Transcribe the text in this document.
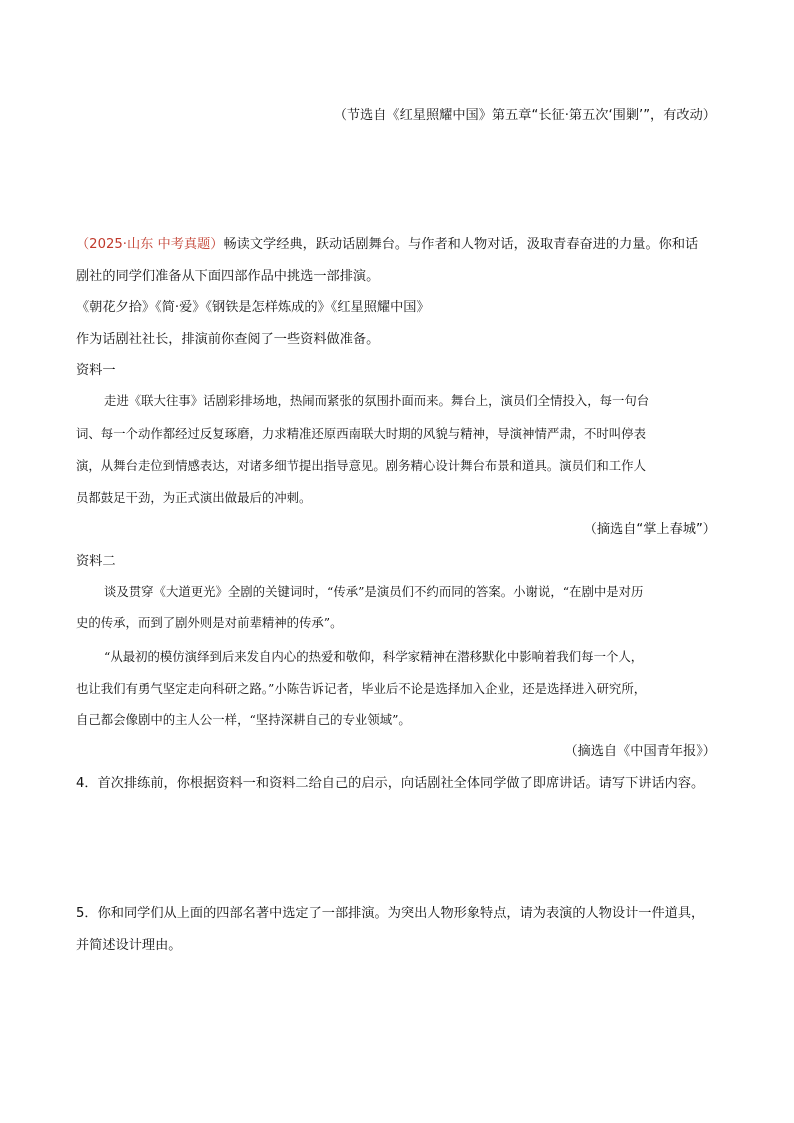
（节选自《红星照耀中国》第五章“长征·第五次‘围剿’”，有改动）
（2025·山东 中考真题）畅读文学经典，跃动话剧舞台。与作者和人物对话，汲取青春奋进的力量。你和话
剧社的同学们准备从下面四部作品中挑选一部排演。
《朝花夕拾》《简·爱》《钢铁是怎样炼成的》《红星照耀中国》
作为话剧社社长，排演前你查阅了一些资料做准备。
资料一
走进《联大往事》话剧彩排场地，热闹而紧张的氛围扑面而来。舞台上，演员们全情投入，每一句台
词、每一个动作都经过反复琢磨，力求精准还原西南联大时期的风貌与精神，导演神情严肃，不时叫停表
演，从舞台走位到情感表达，对诸多细节提出指导意见。剧务精心设计舞台布景和道具。演员们和工作人
员都鼓足干劲，为正式演出做最后的冲刺。
（摘选自“掌上春城”）
资料二
谈及贯穿《大道更光》全剧的关键词时，“传承”是演员们不约而同的答案。小谢说，“在剧中是对历
史的传承，而到了剧外则是对前辈精神的传承”。
“从最初的模仿演绎到后来发自内心的热爱和敬仰，科学家精神在潜移默化中影响着我们每一个人，
也让我们有勇气坚定走向科研之路。”小陈告诉记者，毕业后不论是选择加入企业，还是选择进入研究所，
自己都会像剧中的主人公一样，“坚持深耕自己的专业领域”。
（摘选自《中国青年报》）
4．首次排练前，你根据资料一和资料二给自己的启示，向话剧社全体同学做了即席讲话。请写下讲话内容。
5．你和同学们从上面的四部名著中选定了一部排演。为突出人物形象特点，请为表演的人物设计一件道具，
并简述设计理由。
